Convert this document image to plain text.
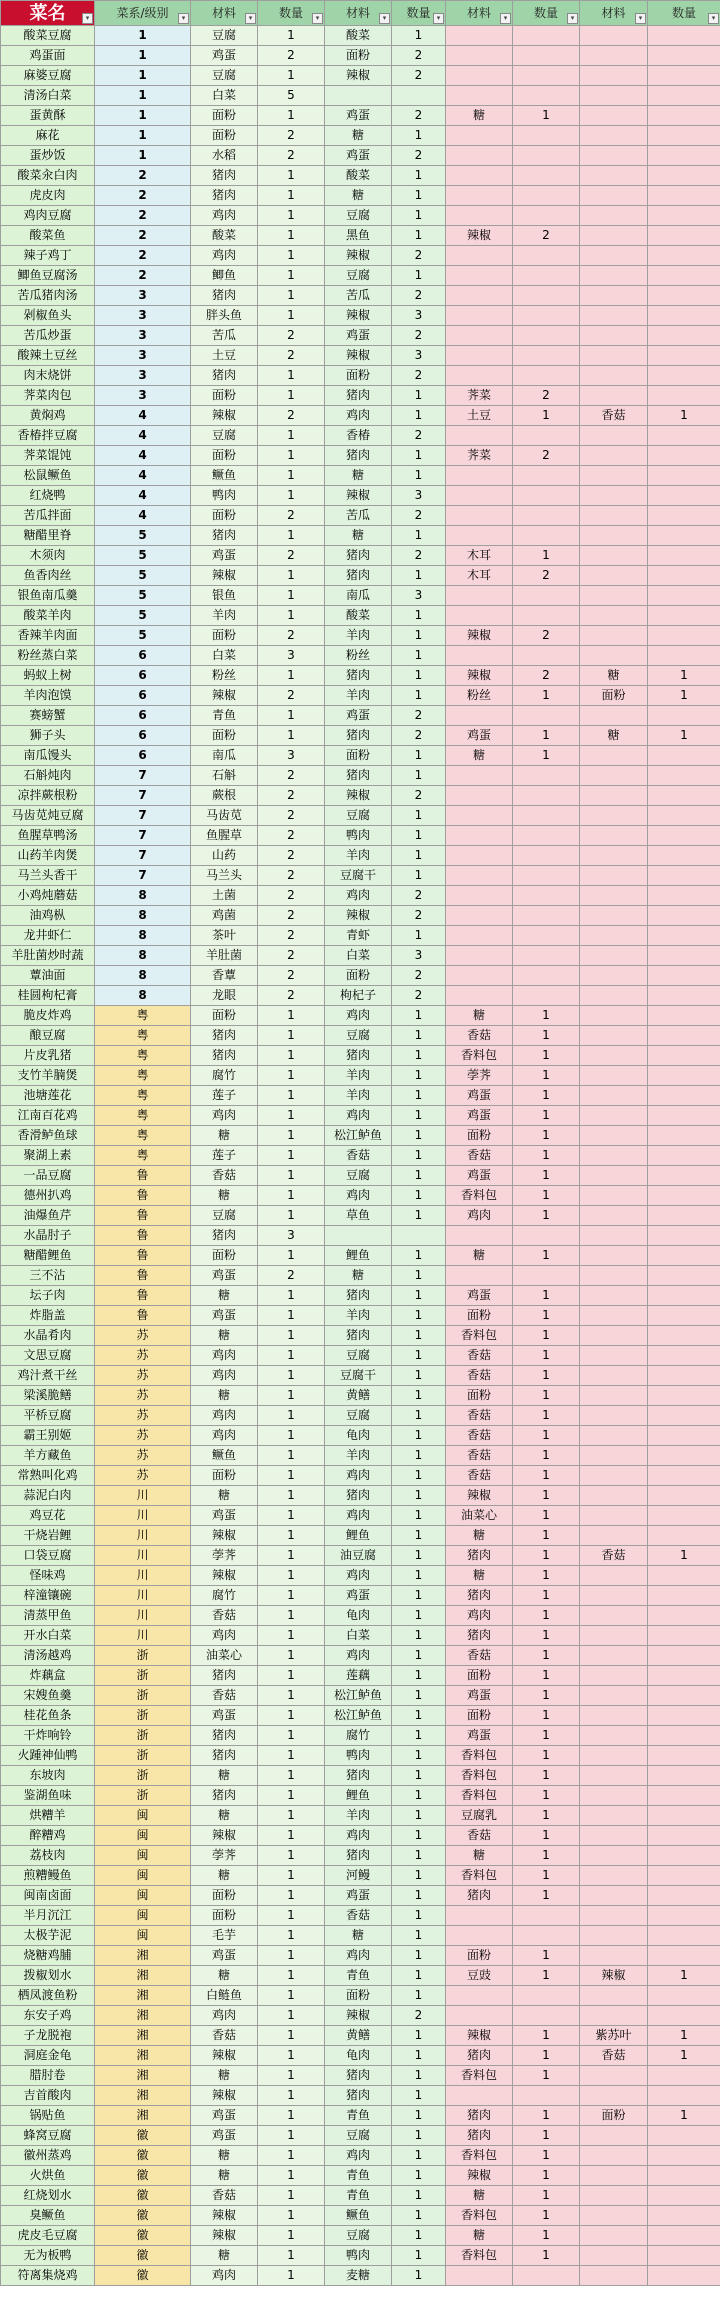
菜名 ▾	菜系/级别 ▾	材料 ▾	数量 ▾	材料 ▾	数量 ▾	材料 ▾	数量 ▾	材料 ▾	数量 ▾

酸菜豆腐	1	豆腐	1	酸菜	1				
鸡蛋面	1	鸡蛋	2	面粉	2				
麻婆豆腐	1	豆腐	1	辣椒	2				
清汤白菜	1	白菜	5						
蛋黄酥	1	面粉	1	鸡蛋	2	糖	1		
麻花	1	面粉	2	糖	1				
蛋炒饭	1	水稻	2	鸡蛋	2				
酸菜汆白肉	2	猪肉	1	酸菜	1				
虎皮肉	2	猪肉	1	糖	1				
鸡肉豆腐	2	鸡肉	1	豆腐	1				
酸菜鱼	2	酸菜	1	黑鱼	1	辣椒	2		
辣子鸡丁	2	鸡肉	1	辣椒	2				
鲫鱼豆腐汤	2	鲫鱼	1	豆腐	1				
苦瓜猪肉汤	3	猪肉	1	苦瓜	2				
剁椒鱼头	3	胖头鱼	1	辣椒	3				
苦瓜炒蛋	3	苦瓜	2	鸡蛋	2				
酸辣土豆丝	3	土豆	2	辣椒	3				
肉末烧饼	3	猪肉	1	面粉	2				
荠菜肉包	3	面粉	1	猪肉	1	荠菜	2		
黄焖鸡	4	辣椒	2	鸡肉	1	土豆	1	香菇	1
香椿拌豆腐	4	豆腐	1	香椿	2				
荠菜馄饨	4	面粉	1	猪肉	1	荠菜	2		
松鼠鳜鱼	4	鳜鱼	1	糖	1				
红烧鸭	4	鸭肉	1	辣椒	3				
苦瓜拌面	4	面粉	2	苦瓜	2				
糖醋里脊	5	猪肉	1	糖	1				
木须肉	5	鸡蛋	2	猪肉	2	木耳	1		
鱼香肉丝	5	辣椒	1	猪肉	1	木耳	2		
银鱼南瓜羹	5	银鱼	1	南瓜	3				
酸菜羊肉	5	羊肉	1	酸菜	1				
香辣羊肉面	5	面粉	2	羊肉	1	辣椒	2		
粉丝蒸白菜	6	白菜	3	粉丝	1				
蚂蚁上树	6	粉丝	1	猪肉	1	辣椒	2	糖	1
羊肉泡馍	6	辣椒	2	羊肉	1	粉丝	1	面粉	1
赛螃蟹	6	青鱼	1	鸡蛋	2				
狮子头	6	面粉	1	猪肉	2	鸡蛋	1	糖	1
南瓜馒头	6	南瓜	3	面粉	1	糖	1		
石斛炖肉	7	石斛	2	猪肉	1				
凉拌蕨根粉	7	蕨根	2	辣椒	2				
马齿苋炖豆腐	7	马齿苋	2	豆腐	1				
鱼腥草鸭汤	7	鱼腥草	2	鸭肉	1				
山药羊肉煲	7	山药	2	羊肉	1				
马兰头香干	7	马兰头	2	豆腐干	1				
小鸡炖蘑菇	8	土菌	2	鸡肉	2				
油鸡枞	8	鸡菌	2	辣椒	2				
龙井虾仁	8	茶叶	2	青虾	1				
羊肚菌炒时蔬	8	羊肚菌	2	白菜	3				
蕈油面	8	香蕈	2	面粉	2				
桂圆枸杞膏	8	龙眼	2	枸杞子	2				
脆皮炸鸡	粤	面粉	1	鸡肉	1	糖	1		
酿豆腐	粤	猪肉	1	豆腐	1	香菇	1		
片皮乳猪	粤	猪肉	1	猪肉	1	香料包	1		
支竹羊腩煲	粤	腐竹	1	羊肉	1	荸荠	1		
池塘莲花	粤	莲子	1	羊肉	1	鸡蛋	1		
江南百花鸡	粤	鸡肉	1	鸡肉	1	鸡蛋	1		
香滑鲈鱼球	粤	糖	1	松江鲈鱼	1	面粉	1		
聚湖上素	粤	莲子	1	香菇	1	香菇	1		
一品豆腐	鲁	香菇	1	豆腐	1	鸡蛋	1		
德州扒鸡	鲁	糖	1	鸡肉	1	香料包	1		
油爆鱼芹	鲁	豆腐	1	草鱼	1	鸡肉	1		
水晶肘子	鲁	猪肉	3						
糖醋鲤鱼	鲁	面粉	1	鲤鱼	1	糖	1		
三不沾	鲁	鸡蛋	2	糖	1				
坛子肉	鲁	糖	1	猪肉	1	鸡蛋	1		
炸脂盖	鲁	鸡蛋	1	羊肉	1	面粉	1		
水晶肴肉	苏	糖	1	猪肉	1	香料包	1		
文思豆腐	苏	鸡肉	1	豆腐	1	香菇	1		
鸡汁煮干丝	苏	鸡肉	1	豆腐干	1	香菇	1		
梁溪脆鳝	苏	糖	1	黄鳝	1	面粉	1		
平桥豆腐	苏	鸡肉	1	豆腐	1	香菇	1		
霸王别姬	苏	鸡肉	1	龟肉	1	香菇	1		
羊方藏鱼	苏	鳜鱼	1	羊肉	1	香菇	1		
常熟叫化鸡	苏	面粉	1	鸡肉	1	香菇	1		
蒜泥白肉	川	糖	1	猪肉	1	辣椒	1		
鸡豆花	川	鸡蛋	1	鸡肉	1	油菜心	1		
干烧岩鲤	川	辣椒	1	鲤鱼	1	糖	1		
口袋豆腐	川	荸荠	1	油豆腐	1	猪肉	1	香菇	1
怪味鸡	川	辣椒	1	鸡肉	1	糖	1		
梓潼镶碗	川	腐竹	1	鸡蛋	1	猪肉	1		
清蒸甲鱼	川	香菇	1	龟肉	1	鸡肉	1		
开水白菜	川	鸡肉	1	白菜	1	猪肉	1		
清汤越鸡	浙	油菜心	1	鸡肉	1	香菇	1		
炸藕盒	浙	猪肉	1	莲藕	1	面粉	1		
宋嫂鱼羹	浙	香菇	1	松江鲈鱼	1	鸡蛋	1		
桂花鱼条	浙	鸡蛋	1	松江鲈鱼	1	面粉	1		
干炸响铃	浙	猪肉	1	腐竹	1	鸡蛋	1		
火踵神仙鸭	浙	猪肉	1	鸭肉	1	香料包	1		
东坡肉	浙	糖	1	猪肉	1	香料包	1		
鉴湖鱼味	浙	猪肉	1	鲤鱼	1	香料包	1		
烘糟羊	闽	糖	1	羊肉	1	豆腐乳	1		
醉糟鸡	闽	辣椒	1	鸡肉	1	香菇	1		
荔枝肉	闽	荸荠	1	猪肉	1	糖	1		
煎糟鳗鱼	闽	糖	1	河鳗	1	香料包	1		
闽南卤面	闽	面粉	1	鸡蛋	1	猪肉	1		
半月沉江	闽	面粉	1	香菇	1				
太极芋泥	闽	毛芋	1	糖	1				
烧糖鸡脯	湘	鸡蛋	1	鸡肉	1	面粉	1		
拨椒划水	湘	糖	1	青鱼	1	豆豉	1	辣椒	1
栖凤渡鱼粉	湘	白鲢鱼	1	面粉	1				
东安子鸡	湘	鸡肉	1	辣椒	2				
子龙脱袍	湘	香菇	1	黄鳝	1	辣椒	1	紫苏叶	1
洞庭金龟	湘	辣椒	1	龟肉	1	猪肉	1	香菇	1
腊肘卷	湘	糖	1	猪肉	1	香料包	1		
吉首酸肉	湘	辣椒	1	猪肉	1				
锅贴鱼	湘	鸡蛋	1	青鱼	1	猪肉	1	面粉	1
蜂窝豆腐	徽	鸡蛋	1	豆腐	1	猪肉	1		
徽州蒸鸡	徽	糖	1	鸡肉	1	香料包	1		
火烘鱼	徽	糖	1	青鱼	1	辣椒	1		
红烧划水	徽	香菇	1	青鱼	1	糖	1		
臭鳜鱼	徽	辣椒	1	鳜鱼	1	香料包	1		
虎皮毛豆腐	徽	辣椒	1	豆腐	1	糖	1		
无为板鸭	徽	糖	1	鸭肉	1	香料包	1		
符离集烧鸡	徽	鸡肉	1	麦糖	1				
